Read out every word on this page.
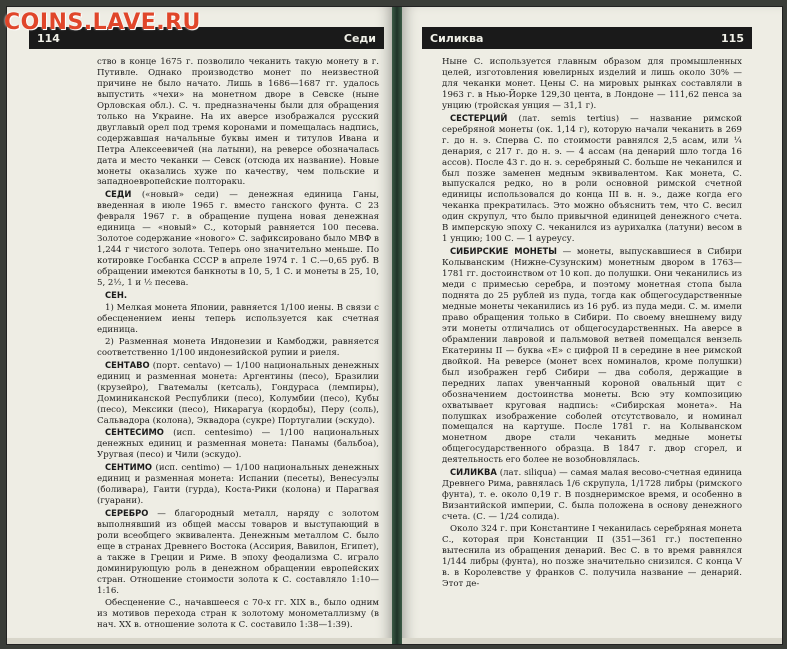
114	Седи

ство в конце 1675 г. позволило чеканить такую монету в г. Путивле. Однако производство монет по неизвестной причине не было начато. Лишь в 1686—1687 гг. удалось выпустить «чехи» на монетном дворе в Севске (ныне Орловская обл.). С. ч. предназначены были для обращения только на Украине. На их аверсе изображался русский двуглавый орел под тремя коронами и помещалась надпись, содержавшая начальные буквы имен и титулов Ивана и Петра Алексеевичей (на латыни), на реверсе обозначалась дата и место чеканки — Севск (отсюда их название). Новые монеты оказались хуже по качеству, чем польские и западноевропейские полторакu.

СЕДИ («новый» седи) — денежная единица Ганы, введенная в июле 1965 г. вместо ганского фунта. С 23 февраля 1967 г. в обращение пущена новая денежная единица — «новый» С., который равняется 100 песева. Золотое содержание «нового» С. зафиксировано было МВФ в 1,244 г чистого золота. Теперь оно значительно меньше. По котировке Госбанка СССР в апреле 1974 г. 1 С.—0,65 руб. В обращении имеются банкноты в 10, 5, 1 С. и монеты в 25, 10, 5, 2½, 1 и ½ песева.

СЕН.

1) Мелкая монета Японии, равняется 1/100 иены. В связи с обесценением иены теперь используется как счетная единица.

2) Разменная монета Индонезии и Камбоджи, равняется соответственно 1/100 индонезийской рупии и риеля.

СЕНТАВО (порт. centavo) — 1/100 национальных денежных единиц и разменная монета: Аргентины (песо), Бразилии (крузейро), Гватемалы (кетсаль), Гондураса (лемпиры), Доминиканской Республики (песо), Колумбии (песо), Кубы (песо), Мексики (песо), Никарагуа (кордобы), Перу (соль), Сальвадора (колона), Эквадора (сукре) Португалии (эскудо).

СЕНТЕСИМО (исп. centesimo) — 1/100 национальных денежных единиц и разменная монета: Панамы (бальбоа), Уругвая (песо) и Чили (эскудо).

СЕНТИМО (исп. centimo) — 1/100 национальных денежных единиц и разменная монета: Испании (песеты), Венесуэлы (боливара), Гаити (гурда), Коста-Рики (колона) и Парагвая (гуарани).

СЕРЕБРО — благородный металл, наряду с золотом выполнявший из общей массы товаров и выступающий в роли всеобщего эквивалента. Денежным металлом С. было еще в странах Древнего Востока (Ассирия, Вавилон, Египет), а также в Греции и Риме. В эпоху феодализма С. играло доминирующую роль в денежном обращении европейских стран. Отношение стоимости золота к С. составляло 1:10—1:16.

Обесценение С., начавшееся с 70-х гг. XIX в., было одним из мотивов перехода стран к золотому монометаллизму (в нач. XX в. отношение золота к С. составило 1:38—1:39).

Силиква	115

Ныне С. используется главным образом для промышленных целей, изготовления ювелирных изделий и лишь около 30% — для чеканки монет. Цены С. на мировых рынках составляли в 1963 г. в Нью-Йорке 129,30 цента, в Лондоне — 111,62 пенса за унцию (тройская унция — 31,1 г).

СЕСТЕРЦИЙ (лат. semis tertius) — название римской серебряной монеты (ок. 1,14 г), которую начали чеканить в 269 г. до н. э. Сперва С. по стоимости равнялся 2,5 асам, или ¼ денария, с 217 г. до н. э. — 4 ассам (на денарий шло тогда 16 ассов). После 43 г. до н. э. серебряный С. больше не чеканился и был позже заменен медным эквивалентом. Как монета, С. выпускался редко, но в роли основной римской счетной единицы использовался до конца III в. н. э., даже когда его чеканка прекратилась. Это можно объяснить тем, что С. весил один скрупул, что было привычной единицей денежного счета. В имперскую эпоху С. чеканился из аурихалка (латуни) весом в 1 унцию; 100 С. — 1 ауреусу.

СИБИРСКИЕ МОНЕТЫ — монеты, выпускавшиеся в Сибири Колыванским (Нижне-Сузунским) монетным двором в 1763—1781 гг. достоинством от 10 коп. до полушки. Они чеканились из меди с примесью серебра, и поэтому монетная стопа была поднята до 25 рублей из пуда, тогда как общегосударственные медные монеты чеканились из 16 руб. из пуда меди. С. м. имели право обращения только в Сибири. По своему внешнему виду эти монеты отличались от общегосударственных. На аверсе в обрамлении лавровой и пальмовой ветвей помещался вензель Екатерины II — буква «Е» с цифрой II в середине в нее римской двойкой. На реверсе (монет всех номиналов, кроме полушки) был изображен герб Сибири — два соболя, держащие в передних лапах увенчанный короной овальный щит с обозначением достоинства монеты. Всю эту композицию охватывает круговая надпись: «Сибирская монета». На полушках изображение соболей отсутствовало, и номинал помещался на картуше. После 1781 г. на Колыванском монетном дворе стали чеканить медные монеты общегосударственного образца. В 1847 г. двор сгорел, и деятельность его более не возобновлялась.

СИЛИКВА (лат. siliqua) — самая малая весово-счетная единица Древнего Рима, равнялась 1/6 скрупула, 1/1728 либры (римского фунта), т. е. около 0,19 г. В позднеримское время, и особенно в Византийской империи, С. была положена в основу денежного счета. (С. — 1/24 солида).

Около 324 г. при Константине I чеканилась серебряная монета С., которая при Констанции II (351—361 гг.) постепенно вытеснила из обращения денарий. Вес С. в то время равнялся 1/144 либры (фунта), но позже значительно снизился. С конца V в. в Королевстве у франков С. получила название — денарий. Этот де-

COINS.LAVE.RU
